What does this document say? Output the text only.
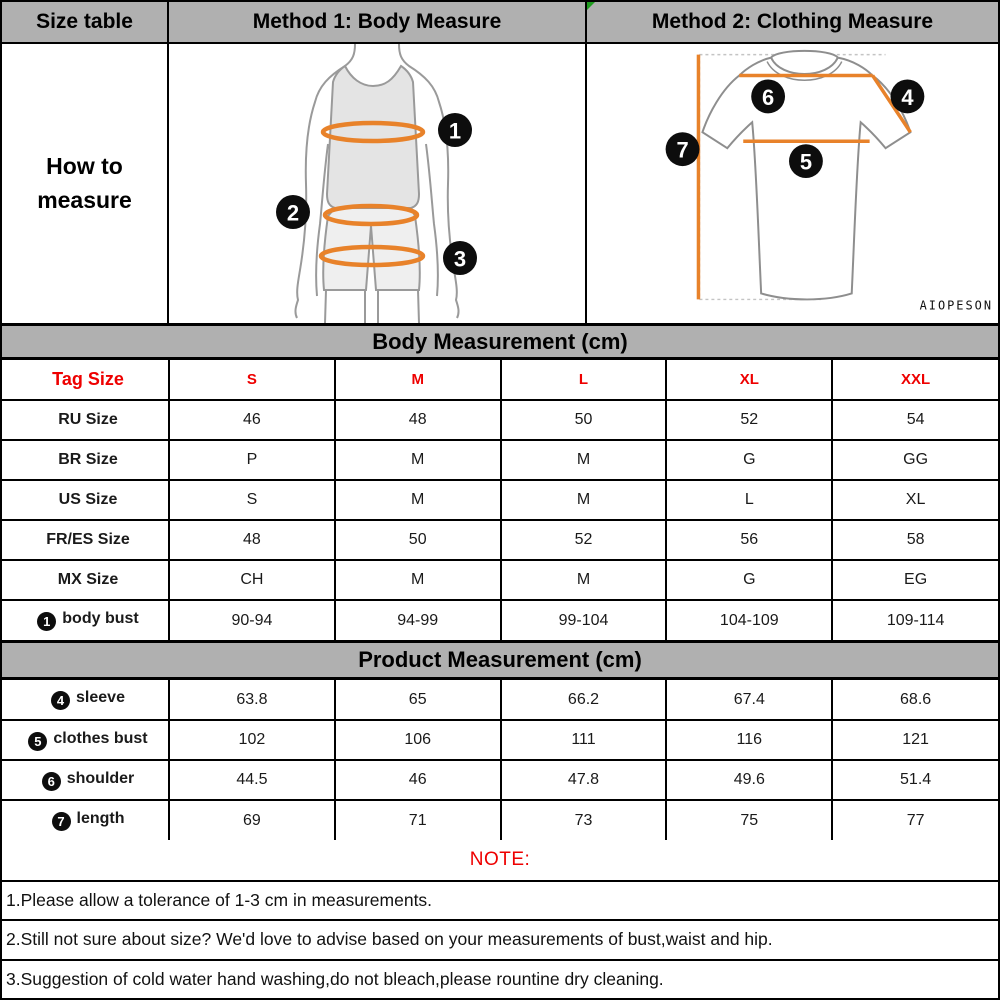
Size table	Method 1: Body Measure	Method 2: Clothing Measure
How to
measure
1
2
3
6	4
5
7
AIOPESON
Body Measurement (cm)
Tag Size	S	M	L	XL	XXL
RU Size	46	48	50	52	54
BR Size	P	M	M	G	GG
US Size	S	M	M	L	XL
FR/ES Size	48	50	52	56	58
MX Size	CH	M	M	G	EG
1 body bust	90-94	94-99	99-104	104-109	109-114
Product Measurement (cm)
4 sleeve	63.8	65	66.2	67.4	68.6
5 clothes bust	102	106	111	116	121
6 shoulder	44.5	46	47.8	49.6	51.4
7 length	69	71	73	75	77
NOTE:
1.Please allow a tolerance of 1-3 cm in measurements.
2.Still not sure about size? We'd love to advise based on your measurements of bust,waist and hip.
3.Suggestion of cold water hand washing,do not bleach,please rountine dry cleaning.
